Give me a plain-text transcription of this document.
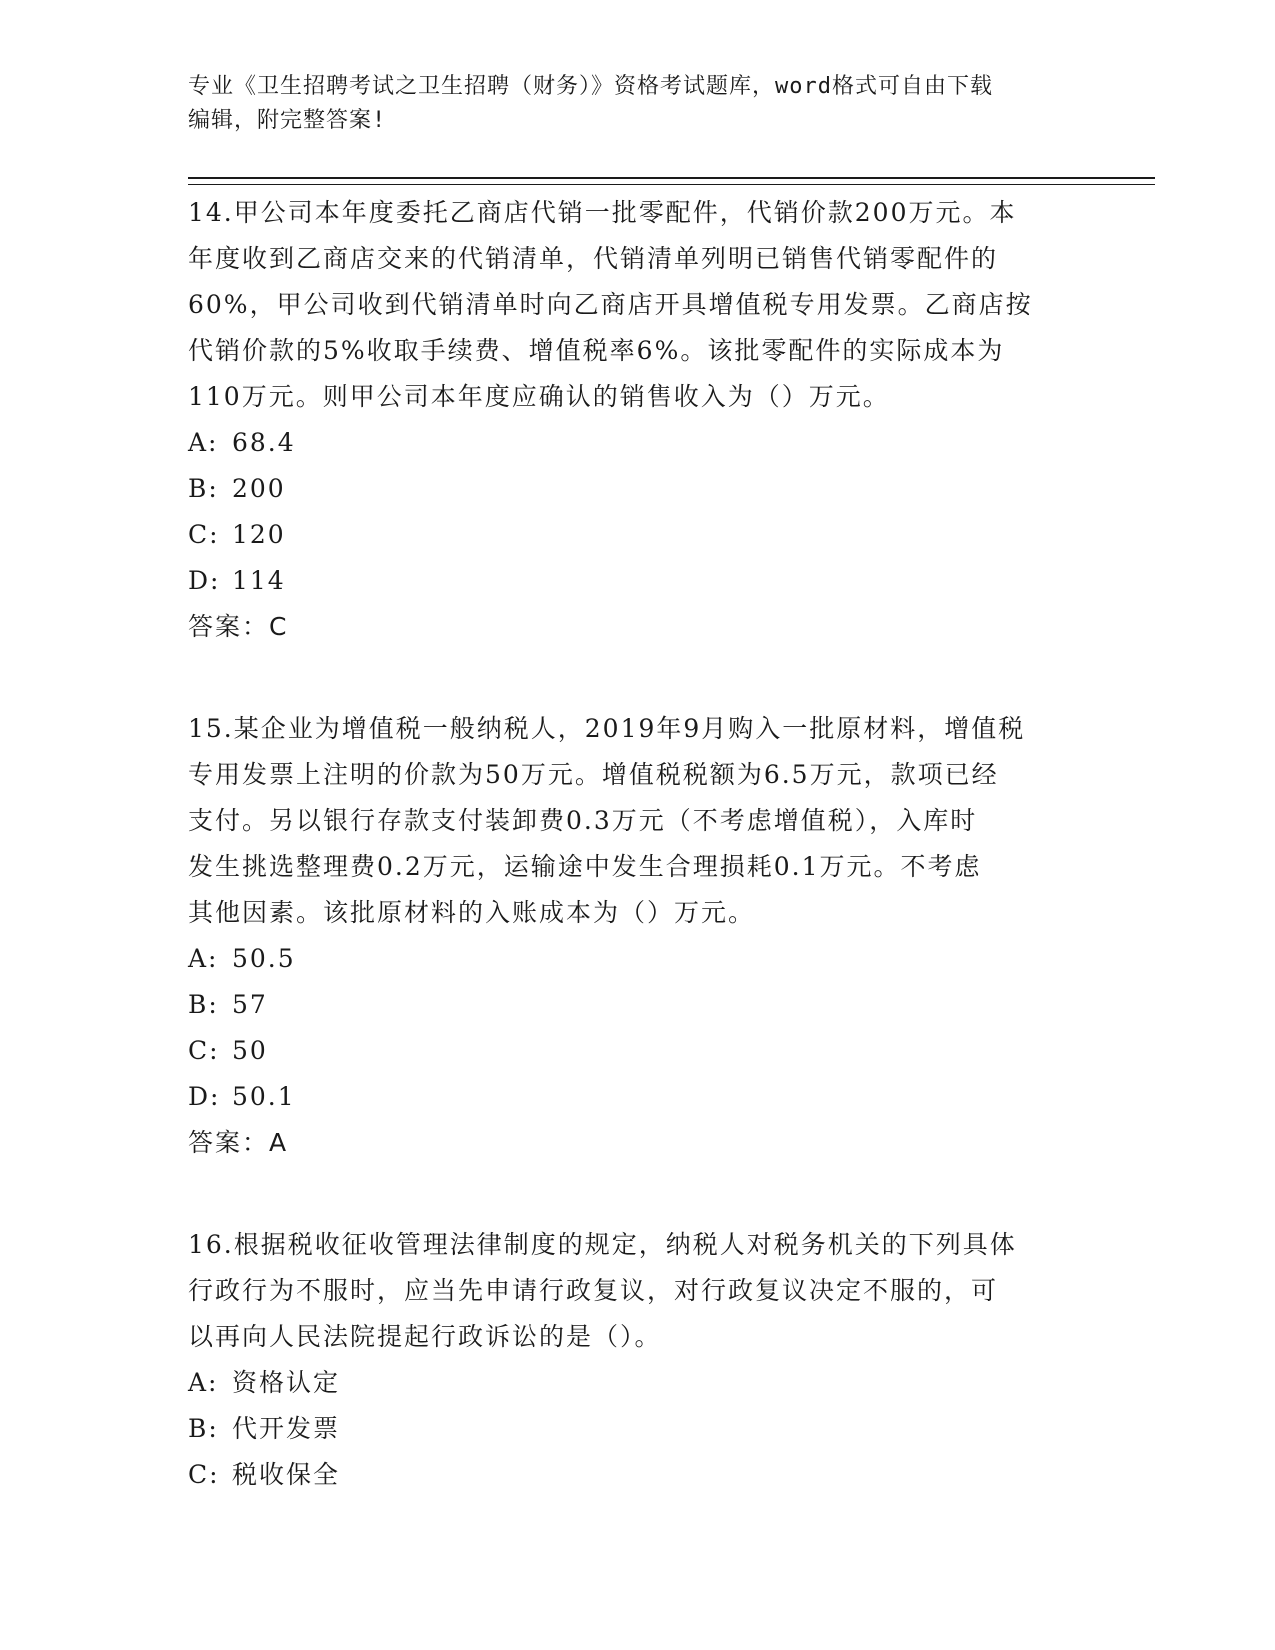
专业《卫生招聘考试之卫生招聘（财务）》资格考试题库，word格式可自由下载
编辑，附完整答案!

14.甲公司本年度委托乙商店代销一批零配件，代销价款200万元。本
年度收到乙商店交来的代销清单，代销清单列明已销售代销零配件的
60%，甲公司收到代销清单时向乙商店开具增值税专用发票。乙商店按
代销价款的5%收取手续费、增值税率6%。该批零配件的实际成本为
110万元。则甲公司本年度应确认的销售收入为（）万元。

A: 68.4
B: 200
C: 120
D: 114
答案：C

15.某企业为增值税一般纳税人，2019年9月购入一批原材料，增值税
专用发票上注明的价款为50万元。增值税税额为6.5万元，款项已经
支付。另以银行存款支付装卸费0.3万元（不考虑增值税），入库时
发生挑选整理费0.2万元，运输途中发生合理损耗0.1万元。不考虑
其他因素。该批原材料的入账成本为（）万元。

A: 50.5
B: 57
C: 50
D: 50.1
答案：A

16.根据税收征收管理法律制度的规定，纳税人对税务机关的下列具体
行政行为不服时，应当先申请行政复议，对行政复议决定不服的，可
以再向人民法院提起行政诉讼的是（）。

A: 资格认定
B: 代开发票
C: 税收保全
